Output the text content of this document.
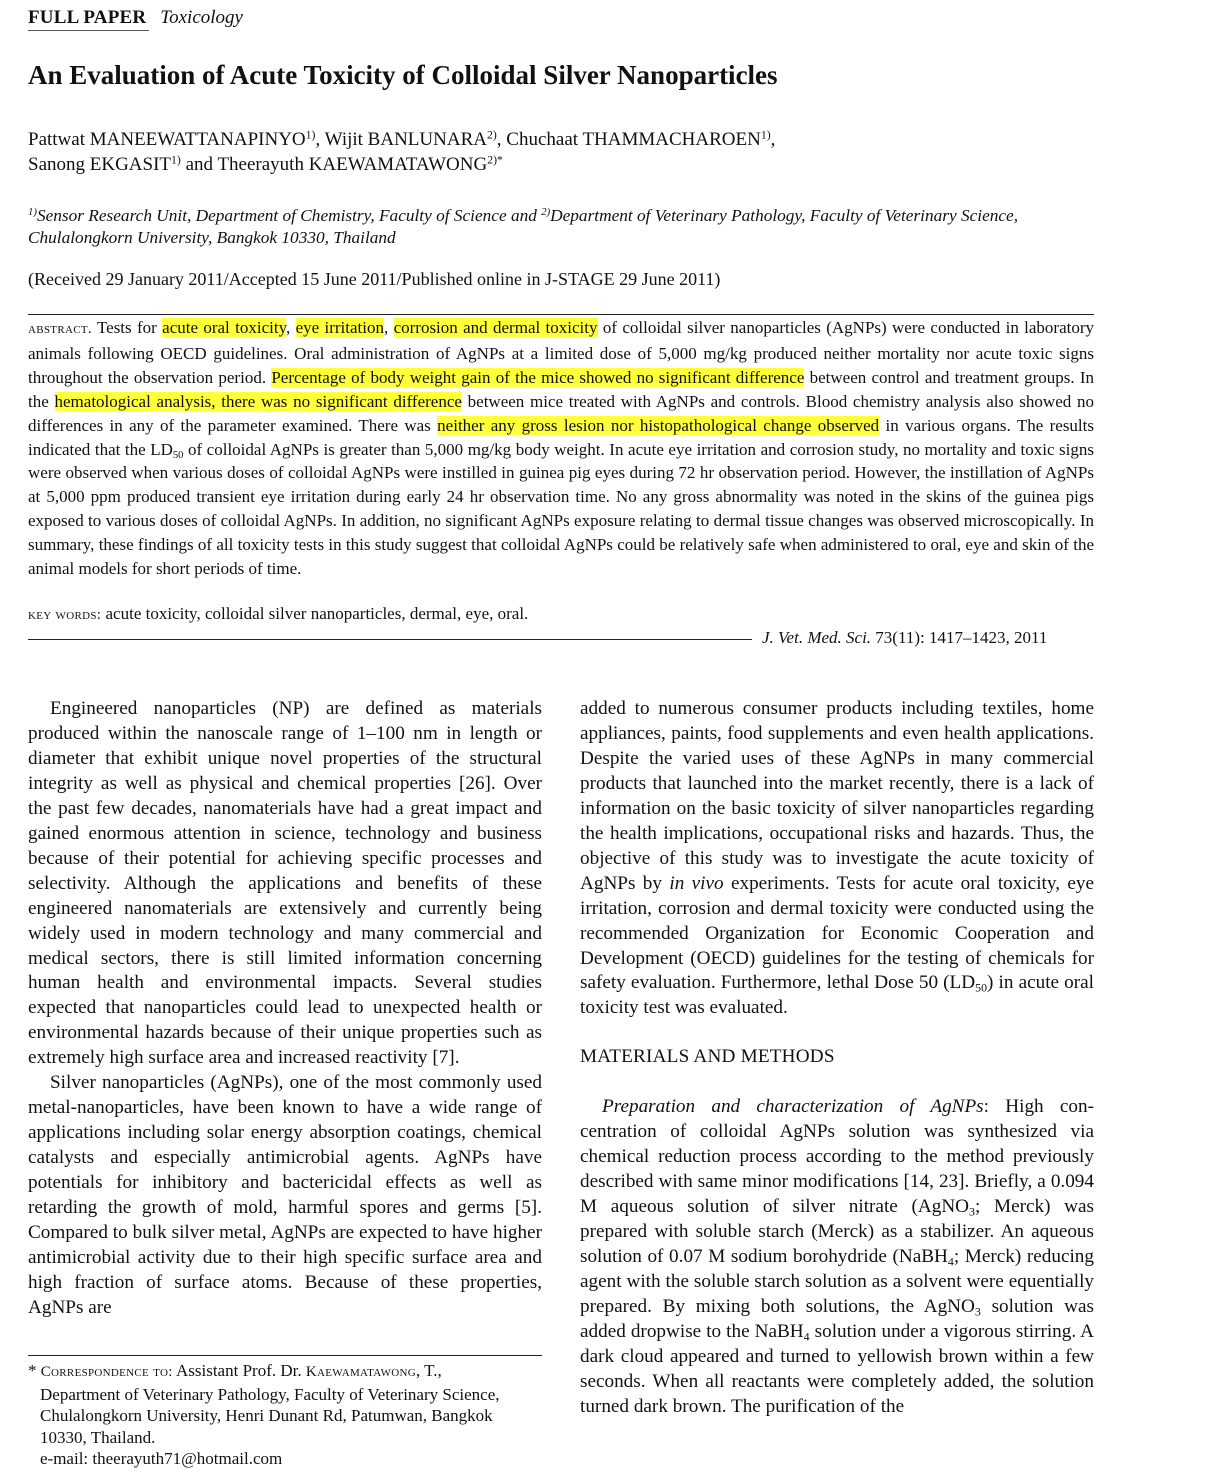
FULL PAPER Toxicology
An Evaluation of Acute Toxicity of Colloidal Silver Nanoparticles
Pattwat MANEEWATTANAPINYO$^{1)}$, Wijit BANLUNARA$^{2)}$, Chuchaat THAMMACHAROEN$^{1)}$,
Sanong EKGASIT$^{1)}$ and Theerayuth $KAEWAMATAWONG^{2)*}$
$^{1)}$Sensor Research Unit, Department of Chemistry, Faculty of Science and $^{2)}$Department of Veterinary Pathology, Faculty of Veterinary Science, Chulalongkorn University, Bangkok 10330, Thailand
(Received 29 January 2011/Accepted 15 June 2011/Published online in J-STAGE 29 June 2011)
abstract. Tests for acute oral toxicity, eye irritation, corrosion and dermal toxicity of colloidal silver nanoparticles (AgNPs) were conducted in laboratory animals following OECD guidelines. Oral administration of AgNPs at a limited dose of 5,000 mg/kg produced neither mortality nor acute toxic signs throughout the observation period. Percentage of body weight gain of the mice showed no significant difference between control and treatment groups. In the hematological analysis, there was no significant difference between mice treated with AgNPs and controls. Blood chemistry analysis also showed no differences in any of the parameter examined. There was neither any gross lesion nor histopathological change observed in various organs. The results indicated that the $LD_{50}$ of colloidal AgNPs is greater than 5,000 mg/kg body weight. In acute eye irritation and corrosion study, no mortality and toxic signs were observed when various doses of colloidal AgNPs were instilled in guinea pig eyes during 72 hr observation period. However, the instillation of AgNPs at 5,000 ppm produced transient eye irritation during early 24 hr observation time. No any gross abnormality was noted in the skins of the guinea pigs exposed to various doses of colloidal AgNPs. In addition, no significant AgNPs exposure relating to dermal tissue changes was observed microscopically. In summary, these findings of all toxicity tests in this study suggest that colloidal AgNPs could be relatively safe when administered to oral, eye and skin of the animal models for short periods of time.
key words: acute toxicity, colloidal silver nanoparticles, dermal, eye, oral.
J. Vet. Med. Sci. 73(11): 1417–1423, 2011

Engineered nanoparticles (NP) are defined as materials produced within the nanoscale range of 1–100 nm in length or diameter that exhibit unique novel properties of the structural integrity as well as physical and chemical properties [26]. Over the past few decades, nanomaterials have had a great impact and gained enormous attention in science, technology and business because of their potential for achieving specific processes and selectivity. Although the applications and benefits of these engineered nanomaterials are extensively and currently being widely used in modern technology and many commercial and medical sectors, there is still limited information concerning human health and environmental impacts. Several studies expected that nanoparticles could lead to unexpected health or environmental hazards because of their unique properties such as extremely high surface area and increased reactivity [7].

Silver nanoparticles (AgNPs), one of the most commonly used metal-nanoparticles, have been known to have a wide range of applications including solar energy absorption coatings, chemical catalysts and especially antimicrobial agents. AgNPs have potentials for inhibitory and bactericidal effects as well as retarding the growth of mold, harmful spores and germs [5]. Compared to bulk silver metal, AgNPs are expected to have higher antimicrobial activity due to their high specific surface area and high fraction of surface atoms. Because of these properties, AgNPs are

* Correspondence to: Assistant Prof. Dr. Kaewamatawong, T.,
Department of Veterinary Pathology, Faculty of Veterinary Science, Chulalongkorn University, Henri Dunant Rd, Patumwan, Bangkok 10330, Thailand.
e-mail: theerayuth71@hotmail.com

added to numerous consumer products including textiles, home appliances, paints, food supplements and even health applications. Despite the varied uses of these AgNPs in many commercial products that launched into the market recently, there is a lack of information on the basic toxicity of silver nanoparticles regarding the health implications, occupational risks and hazards. Thus, the objective of this study was to investigate the acute toxicity of AgNPs by in vivo experiments. Tests for acute oral toxicity, eye irritation, corrosion and dermal toxicity were conducted using the recommended Organization for Economic Cooperation and Development (OECD) guidelines for the testing of chemicals for safety evaluation. Furthermore, lethal Dose 50 $(LD_{50})$ in acute oral toxicity test was evaluated.

MATERIALS AND METHODS

Preparation and characterization of AgNPs: High concentration of colloidal AgNPs solution was synthesized via chemical reduction process according to the method previously described with same minor modifications [14, 23]. Briefly, a 0.094 M aqueous solution of silver nitrate (AgNO$_3$; Merck) was prepared with soluble starch (Merck) as a stabilizer. An aqueous solution of 0.07 M sodium borohydride (NaBH$_4$; Merck) reducing agent with the soluble starch solution as a solvent were equentially prepared. By mixing both solutions, the AgNO$_3$ solution was added dropwise to the NaBH$_4$ solution under a vigorous stirring. A dark cloud appeared and turned to yellowish brown within a few seconds. When all reactants were completely added, the solution turned dark brown. The purification of the
